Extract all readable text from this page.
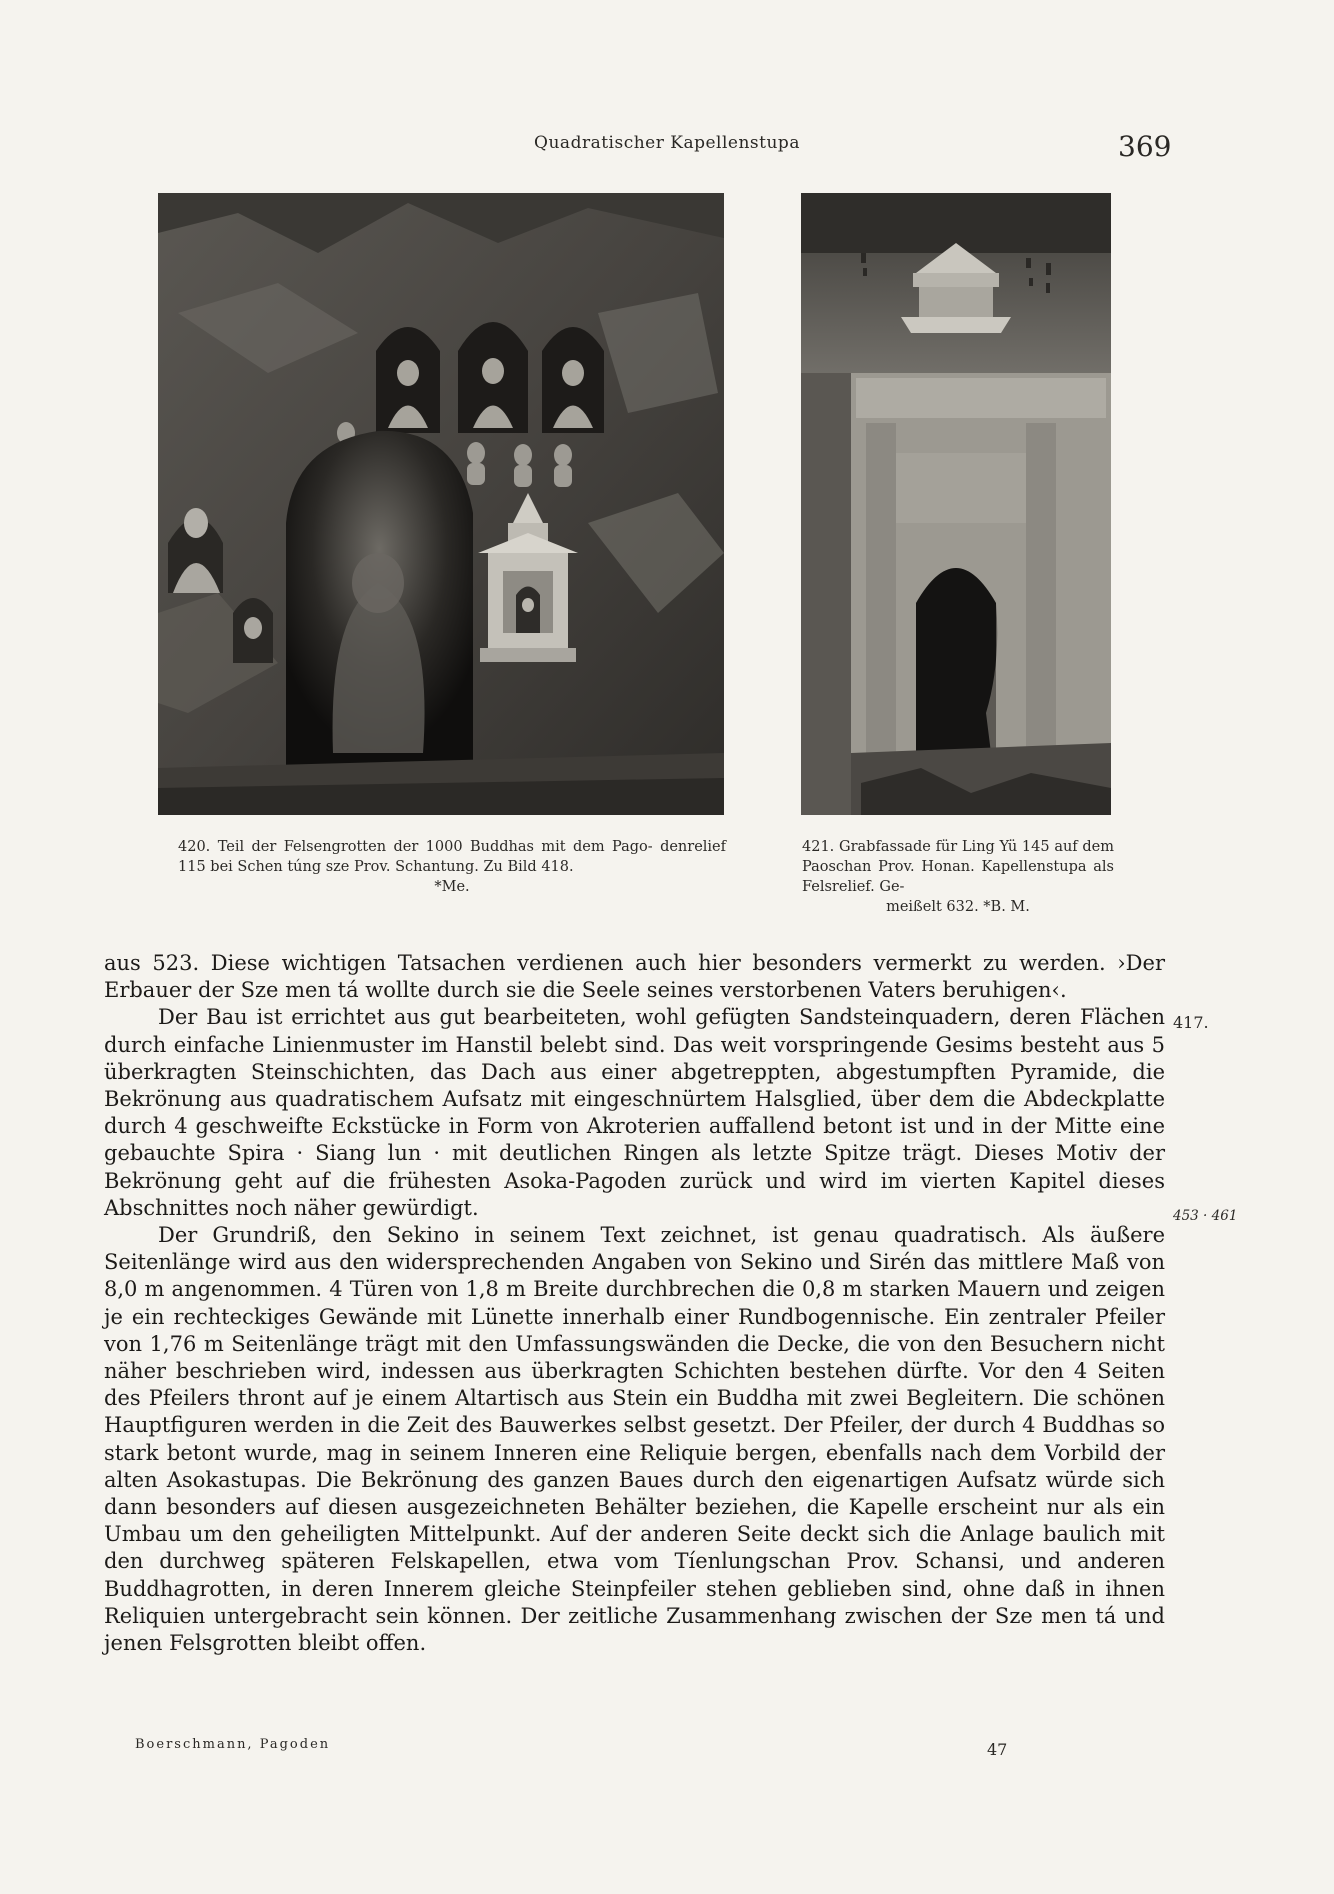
Quadratischer Kapellenstupa	369
420. Teil der Felsengrotten der 1000 Buddhas mit dem Pago- denrelief 115 bei Schen túng sze Prov. Schantung. Zu Bild 418.
*Me.
421. Grabfassade für Ling Yü 145 auf dem Paoschan Prov. Honan. Kapellenstupa als Felsrelief. Ge-
meißelt 632. *B. M.

aus 523. Diese wichtigen Tatsachen verdienen auch hier besonders vermerkt zu werden. ›Der Erbauer der Sze men tá wollte durch sie die Seele seines verstorbenen Vaters beruhigen‹.

Der Bau ist errichtet aus gut bearbeiteten, wohl gefügten Sandsteinquadern, deren Flächen durch einfache Linienmuster im Hanstil belebt sind. Das weit vorspringende Gesims besteht aus 5 überkragten Steinschichten, das Dach aus einer abgetreppten, abgestumpften Pyramide, die Bekrönung aus quadratischem Aufsatz mit eingeschnürtem Halsglied, über dem die Abdeckplatte durch 4 geschweifte Eckstücke in Form von Akroterien auffallend betont ist und in der Mitte eine gebauchte Spira · Siang lun · mit deutlichen Ringen als letzte Spitze trägt. Dieses Motiv der Bekrönung geht auf die frühesten Asoka-Pagoden zurück und wird im vierten Kapitel dieses Abschnittes noch näher gewürdigt.

Der Grundriß, den Sekino in seinem Text zeichnet, ist genau quadratisch. Als äußere Seitenlänge wird aus den widersprechenden Angaben von Sekino und Sirén das mittlere Maß von 8,0 m angenommen. 4 Türen von 1,8 m Breite durchbrechen die 0,8 m starken Mauern und zeigen je ein rechteckiges Gewände mit Lünette innerhalb einer Rundbogennische. Ein zentraler Pfeiler von 1,76 m Seitenlänge trägt mit den Umfassungswänden die Decke, die von den Besuchern nicht näher beschrieben wird, indessen aus überkragten Schichten bestehen dürfte. Vor den 4 Seiten des Pfeilers thront auf je einem Altartisch aus Stein ein Buddha mit zwei Begleitern. Die schönen Hauptfiguren werden in die Zeit des Bauwerkes selbst gesetzt. Der Pfeiler, der durch 4 Buddhas so stark betont wurde, mag in seinem Inneren eine Reliquie bergen, ebenfalls nach dem Vorbild der alten Asokastupas. Die Bekrönung des ganzen Baues durch den eigenartigen Aufsatz würde sich dann besonders auf diesen ausgezeichneten Behälter beziehen, die Kapelle erscheint nur als ein Umbau um den geheiligten Mittelpunkt. Auf der anderen Seite deckt sich die Anlage baulich mit den durchweg späteren Felskapellen, etwa vom Tíenlungschan Prov. Schansi, und anderen Buddhagrotten, in deren Innerem gleiche Steinpfeiler stehen geblieben sind, ohne daß in ihnen Reliquien untergebracht sein können. Der zeitliche Zusammenhang zwischen der Sze men tá und jenen Felsgrotten bleibt offen.

417.
453 · 461
Boerschmann, Pagoden	47
